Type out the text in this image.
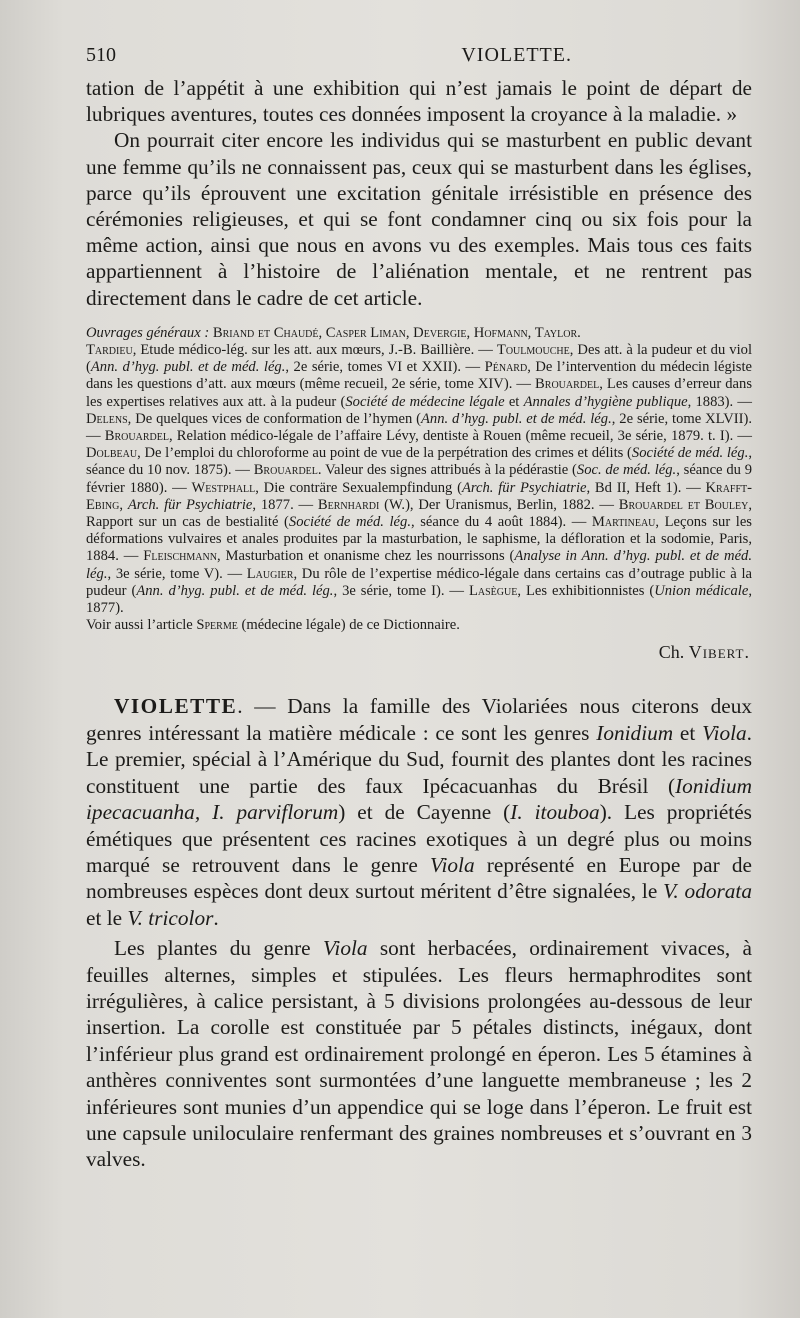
510	VIOLETTE.

tation de l’appétit à une exhibition qui n’est jamais le point de départ de lubriques aventures, toutes ces données imposent la croyance à la maladie. »

On pourrait citer encore les individus qui se masturbent en public devant une femme qu’ils ne connaissent pas, ceux qui se masturbent dans les églises, parce qu’ils éprouvent une excitation génitale irrésistible en présence des cérémonies religieuses, et qui se font condamner cinq ou six fois pour la même action, ainsi que nous en avons vu des exemples. Mais tous ces faits appartiennent à l’histoire de l’aliénation mentale, et ne rentrent pas directement dans le cadre de cet article.

Ouvrages généraux : Briand et Chaudé, Casper Liman, Devergie, Hofmann, Taylor.

Tardieu, Etude médico-lég. sur les att. aux mœurs, J.-B. Baillière. — Toulmouche, Des att. à la pudeur et du viol (Ann. d’hyg. publ. et de méd. lég., 2e série, tomes VI et XXII). — Pénard, De l’intervention du médecin légiste dans les questions d’att. aux mœurs (même recueil, 2e série, tome XIV). — Brouardel, Les causes d’erreur dans les expertises relatives aux att. à la pudeur (Société de médecine légale et Annales d’hygiène publique, 1883). — Delens, De quelques vices de conformation de l’hymen (Ann. d’hyg. publ. et de méd. lég., 2e série, tome XLVII). — Brouardel, Relation médico-légale de l’affaire Lévy, dentiste à Rouen (même recueil, 3e série, 1879. t. I). — Dolbeau, De l’emploi du chloroforme au point de vue de la perpétration des crimes et délits (Société de méd. lég., séance du 10 nov. 1875). — Brouardel. Valeur des signes attribués à la pédérastie (Soc. de méd. lég., séance du 9 février 1880). — Westphall, Die conträre Sexualempfindung (Arch. für Psychiatrie, Bd II, Heft 1). — Krafft-Ebing, Arch. für Psychiatrie, 1877. — Bernhardi (W.), Der Uranismus, Berlin, 1882. — Brouardel et Bouley, Rapport sur un cas de bestialité (Société de méd. lég., séance du 4 août 1884). — Martineau, Leçons sur les déformations vulvaires et anales produites par la masturbation, le saphisme, la défloration et la sodomie, Paris, 1884. — Fleischmann, Masturbation et onanisme chez les nourrissons (Analyse in Ann. d’hyg. publ. et de méd. lég., 3e série, tome V). — Laugier, Du rôle de l’expertise médico-légale dans certains cas d’outrage public à la pudeur (Ann. d’hyg. publ. et de méd. lég., 3e série, tome I). — Lasègue, Les exhibitionnistes (Union médicale, 1877).

Voir aussi l’article Sperme (médecine légale) de ce Dictionnaire.

Ch. Vibert.

VIOLETTE. — Dans la famille des Violariées nous citerons deux genres intéressant la matière médicale : ce sont les genres Ionidium et Viola. Le premier, spécial à l’Amérique du Sud, fournit des plantes dont les racines constituent une partie des faux Ipécacuanhas du Brésil (Ionidium ipecacuanha, I. parviflorum) et de Cayenne (I. itouboa). Les propriétés émétiques que présentent ces racines exotiques à un degré plus ou moins marqué se retrouvent dans le genre Viola représenté en Europe par de nombreuses espèces dont deux surtout méritent d’être signalées, le V. odorata et le V. tricolor.

Les plantes du genre Viola sont herbacées, ordinairement vivaces, à feuilles alternes, simples et stipulées. Les fleurs hermaphrodites sont irrégulières, à calice persistant, à 5 divisions prolongées au-dessous de leur insertion. La corolle est constituée par 5 pétales distincts, inégaux, dont l’inférieur plus grand est ordinairement prolongé en éperon. Les 5 étamines à anthères conniventes sont surmontées d’une languette membraneuse ; les 2 inférieures sont munies d’un appendice qui se loge dans l’éperon. Le fruit est une capsule uniloculaire renfermant des graines nombreuses et s’ouvrant en 3 valves.
